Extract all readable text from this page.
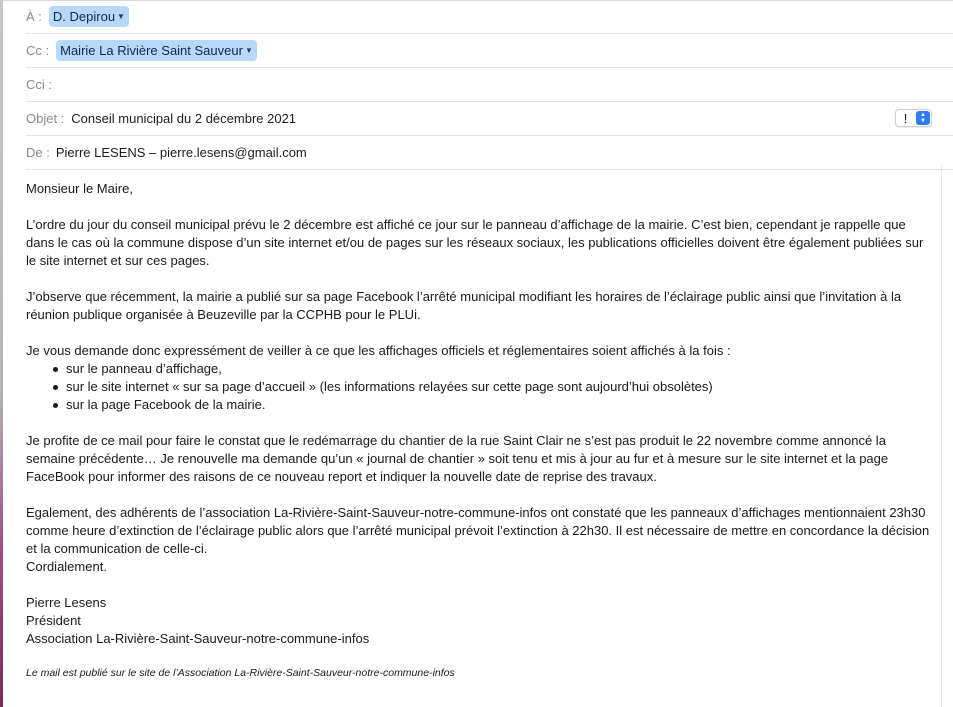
À : D. Depirou ▼
Cc : Mairie La Rivière Saint Sauveur ▼
Cci :
Objet : Conseil municipal du 2 décembre 2021	!	▲
▼
De : Pierre LESENS – pierre.lesens@gmail.com

Monsieur le Maire,

L’ordre du jour du conseil municipal prévu le 2 décembre est affiché ce jour sur le panneau d’affichage de la mairie. C’est bien, cependant je rappelle que dans le cas où la commune dispose d’un site internet et/ou de pages sur les réseaux sociaux, les publications officielles doivent être également publiées sur le site internet et sur ces pages.

J’observe que récemment, la mairie a publié sur sa page Facebook l’arrêté municipal modifiant les horaires de l’éclairage public ainsi que l’invitation à la réunion publique organisée à Beuzeville par la CCPHB pour le PLUi.

Je vous demande donc expressément de veiller à ce que les affichages officiels et réglementaires soient affichés à la fois :

sur le panneau d’affichage,
sur le site internet « sur sa page d’accueil » (les informations relayées sur cette page sont aujourd’hui obsolètes)
sur la page Facebook de la mairie.

Je profite de ce mail pour faire le constat que le redémarrage du chantier de la rue Saint Clair ne s’est pas produit le 22 novembre comme annoncé la semaine précédente… Je renouvelle ma demande qu’un « journal de chantier » soit tenu et mis à jour au fur et à mesure sur le site internet et la page FaceBook pour informer des raisons de ce nouveau report et indiquer la nouvelle date de reprise des travaux.

Egalement, des adhérents de l’association La-Rivière-Saint-Sauveur-notre-commune-infos ont constaté que les panneaux d’affichages mentionnaient 23h30 comme heure d’extinction de l’éclairage public alors que l’arrêté municipal prévoit l’extinction à 22h30. Il est nécessaire de mettre en concordance la décision et la communication de celle-ci.

Cordialement.

Pierre Lesens

Président

Association La-Rivière-Saint-Sauveur-notre-commune-infos

Le mail est publié sur le site de l’Association La-Rivière-Saint-Sauveur-notre-commune-infos
